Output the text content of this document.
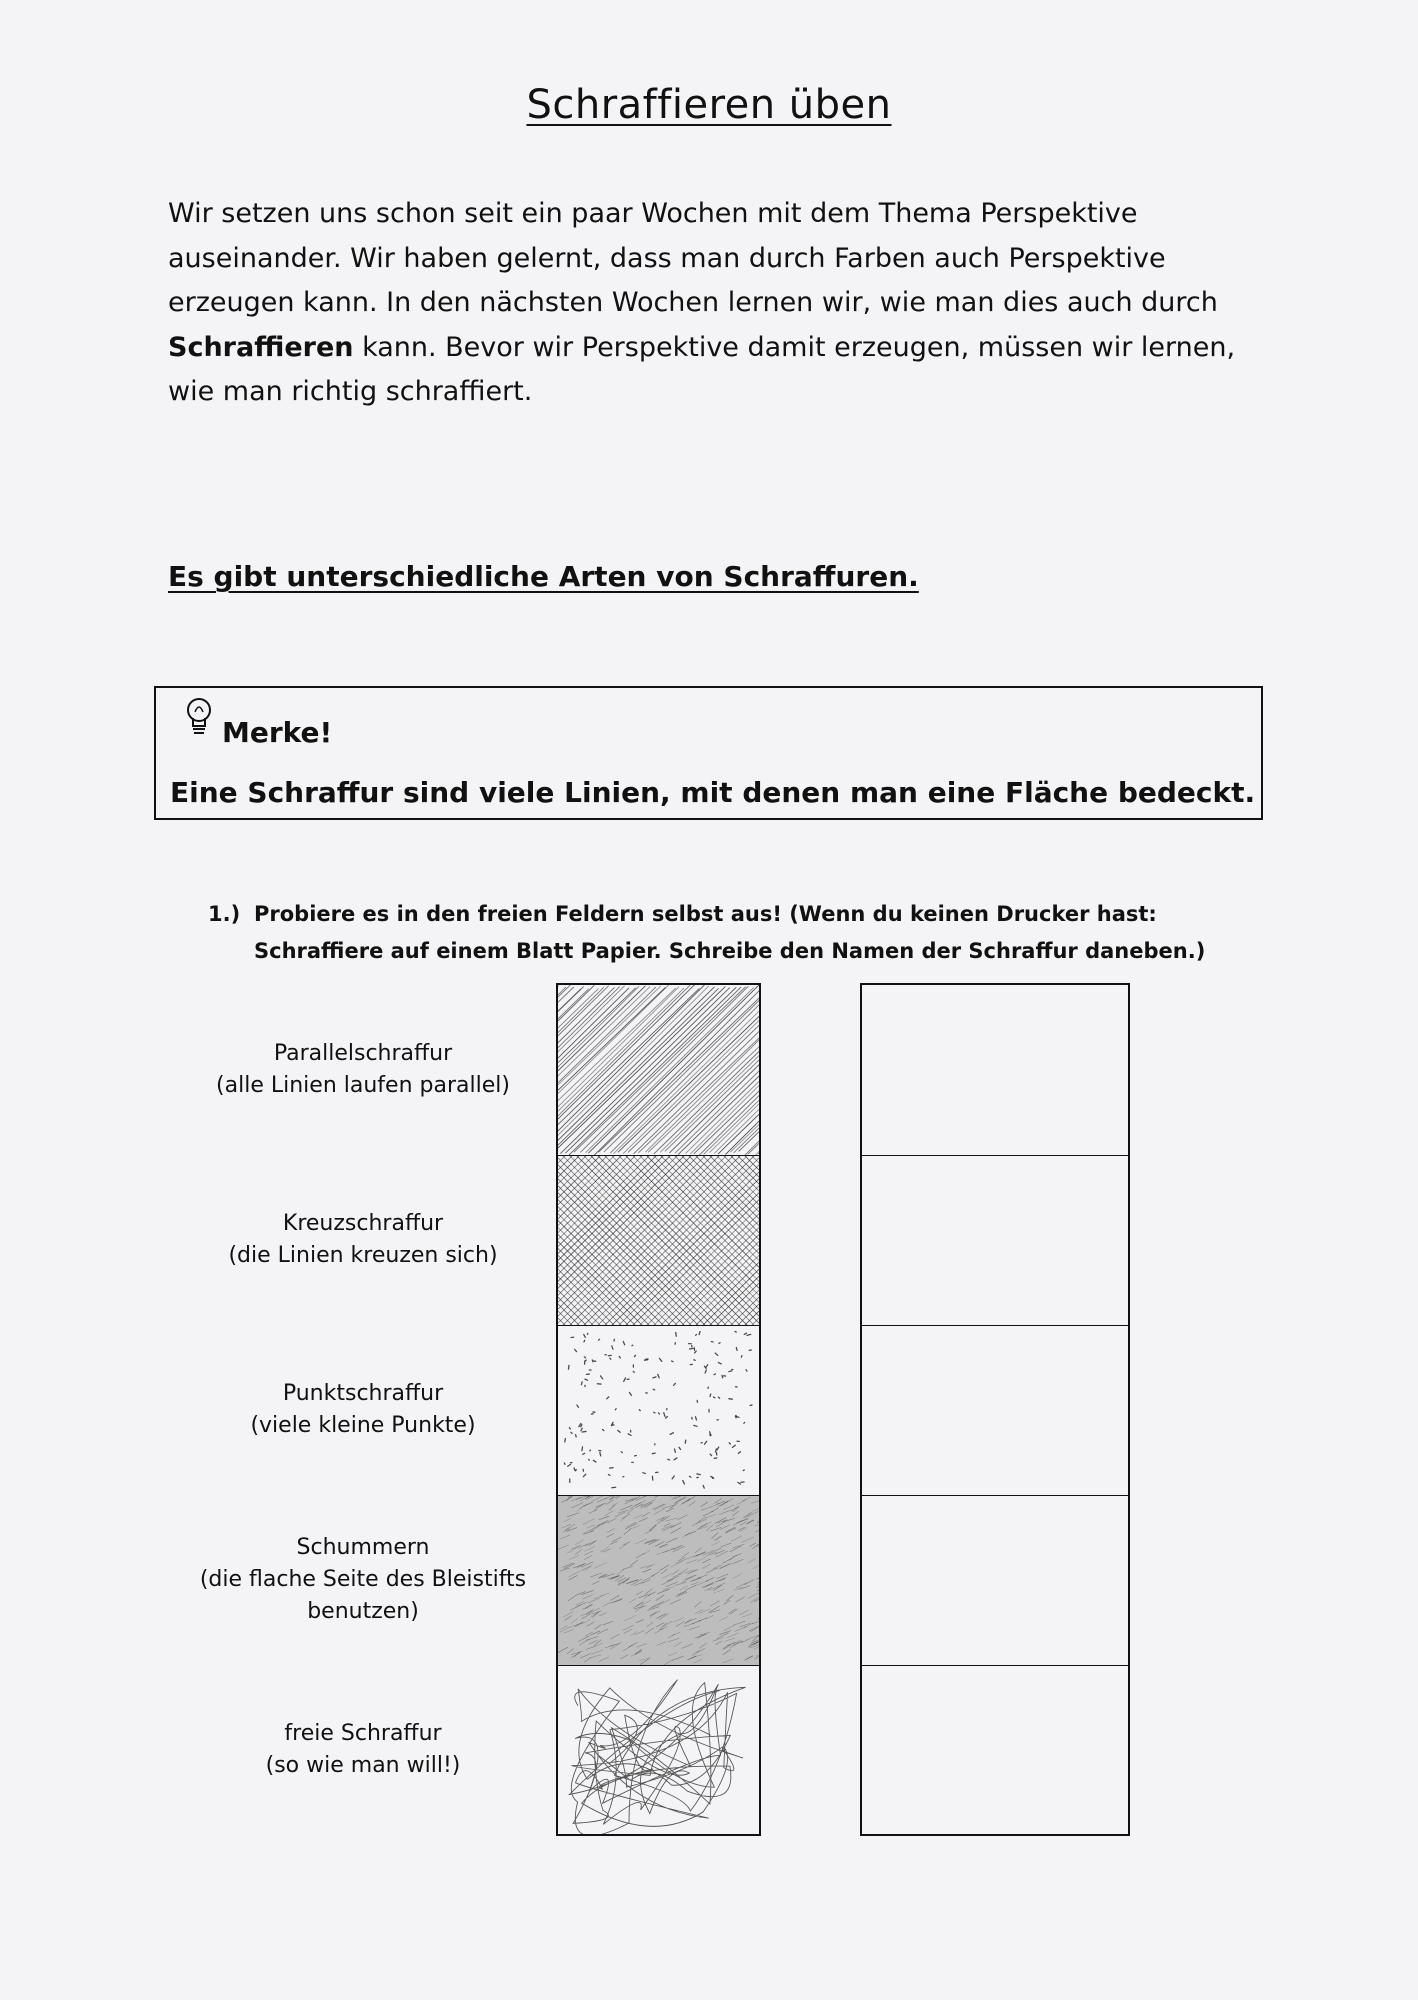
Schraffieren üben
Wir setzen uns schon seit ein paar Wochen mit dem Thema Perspektive
auseinander. Wir haben gelernt, dass man durch Farben auch Perspektive
erzeugen kann. In den nächsten Wochen lernen wir, wie man dies auch durch
Schraffieren kann. Bevor wir Perspektive damit erzeugen, müssen wir lernen,
wie man richtig schraffiert.
Es gibt unterschiedliche Arten von Schraffuren.
Merke!
Eine Schraffur sind viele Linien, mit denen man eine Fläche bedeckt.
1.) Probiere es in den freien Feldern selbst aus! (Wenn du keinen Drucker hast: Schraffiere auf einem Blatt Papier. Schreibe den Namen der Schraffur daneben.)
Parallelschraffur
(alle Linien laufen parallel)
Kreuzschraffur
(die Linien kreuzen sich)
Punktschraffur
(viele kleine Punkte)
Schummern
(die flache Seite des Bleistifts
benutzen)
freie Schraffur
(so wie man will!)
